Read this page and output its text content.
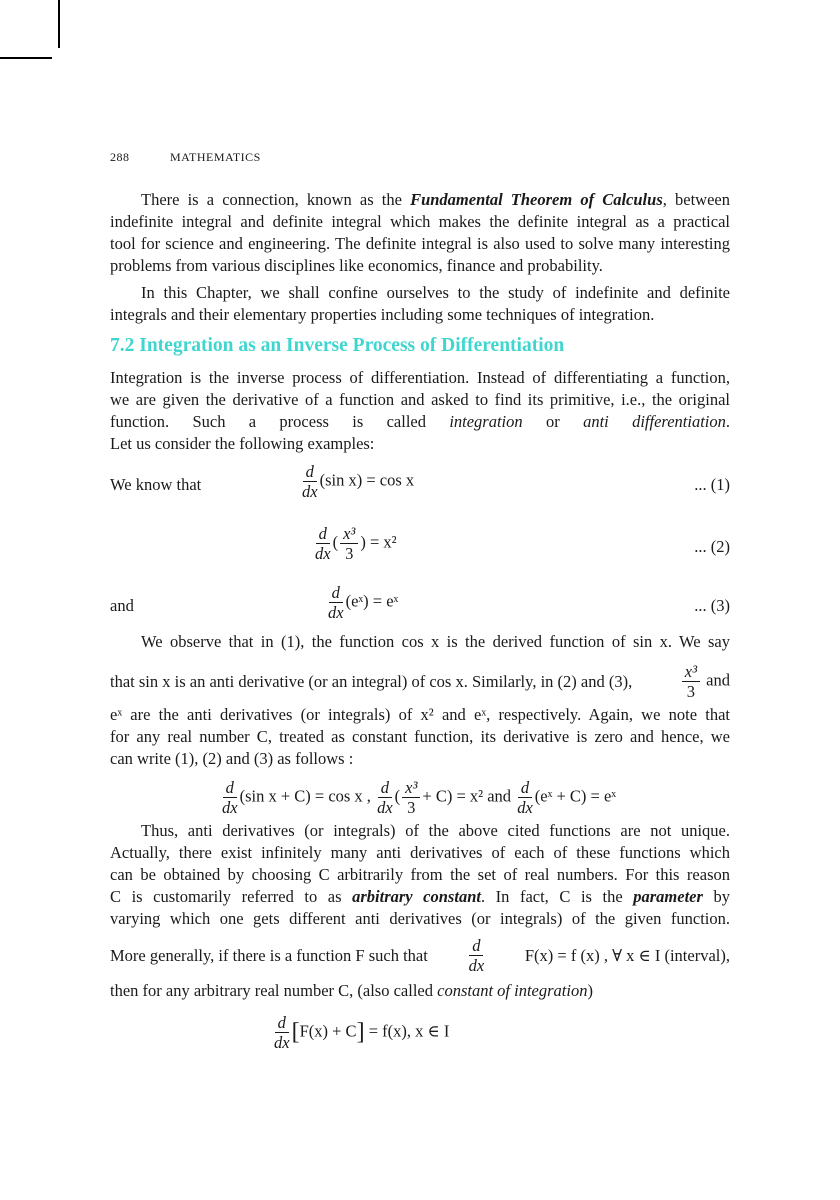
288	MATHEMATICS
There is a connection, known as the Fundamental Theorem of Calculus, between
indefinite integral and definite integral which makes the definite integral as a practical
tool for science and engineering. The definite integral is also used to solve many interesting
problems from various disciplines like economics, finance and probability.
In this Chapter, we shall confine ourselves to the study of indefinite and definite
integrals and their elementary properties including some techniques of integration.
7.2 Integration as an Inverse Process of Differentiation
Integration is the inverse process of differentiation. Instead of differentiating a function,
we are given the derivative of a function and asked to find its primitive, i.e., the original
function. Such a process is called integration or anti differentiation.
Let us consider the following examples:
We know that	$\frac{d}{dx} (\sin$ x) = cos x	... (1)
$\frac{d}{dx}$ ( $\frac{\text{x³}}{3}$ ) = x²	... (2)
and	$\frac{d}{dx}$ (eˣ) = eˣ	... (3)
We observe that in (1), the function cos x is the derived function of sin x. We say
that sin x is an anti derivative (or an integral) of cos x. Similarly, in (2) and (3),	$\frac{\text{x³}}{3}$ and
eˣ are the anti derivatives (or integrals) of x² and eˣ, respectively. Again, we note that
for any real number C, treated as constant function, its derivative is zero and hence, we
can write (1), (2) and (3) as follows :
$\frac{d}{dx} (\sin$ x + C) = cos x , $\frac{d}{dx}$ ( $\frac{\text{x³}}{3} + C) = x^2$ and $\frac{d}{dx}$ (eˣ + C) = eˣ
Thus, anti derivatives (or integrals) of the above cited functions are not unique.
Actually, there exist infinitely many anti derivatives of each of these functions which
can be obtained by choosing C arbitrarily from the set of real numbers. For this reason
C is customarily referred to as arbitrary constant. In fact, C is the parameter by
varying which one gets different anti derivatives (or integrals) of the given function.
More generally, if there is a function F such that $\frac{d}{dx} F(x) = f$ (x) , ∀ x ∈ I (interval),
then for any arbitrary real number C, (also called constant of integration)
$\frac{d}{dx} [F(x) + C] = f(x)$, x ∈ I
